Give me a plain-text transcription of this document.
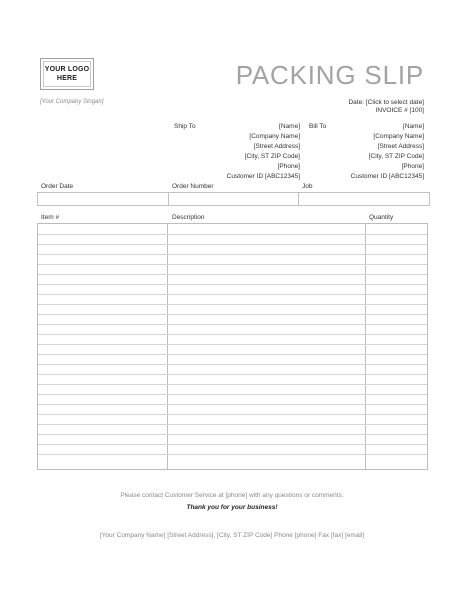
YOUR LOGO
HERE	PACKING SLIP
[Your Company Slogan]	Date: [Click to select date]
INVOICE # [100]
Ship To	[Name]
[Company Name]
[Street Address]
[City, ST ZIP Code]
[Phone]
Customer ID [ABC12345]
Bill To	[Name]
[Company Name]
[Street Address]
[City, ST ZIP Code]
[Phone]
Customer ID [ABC12345]
Order Date	Order Number	Job
Item #	Description	Quantity
Please contact Customer Service at [phone] with any questions or comments.
Thank you for your business!
[Your Company Name] [Street Address], [City, ST ZIP Code] Phone [phone] Fax [fax] [email]
